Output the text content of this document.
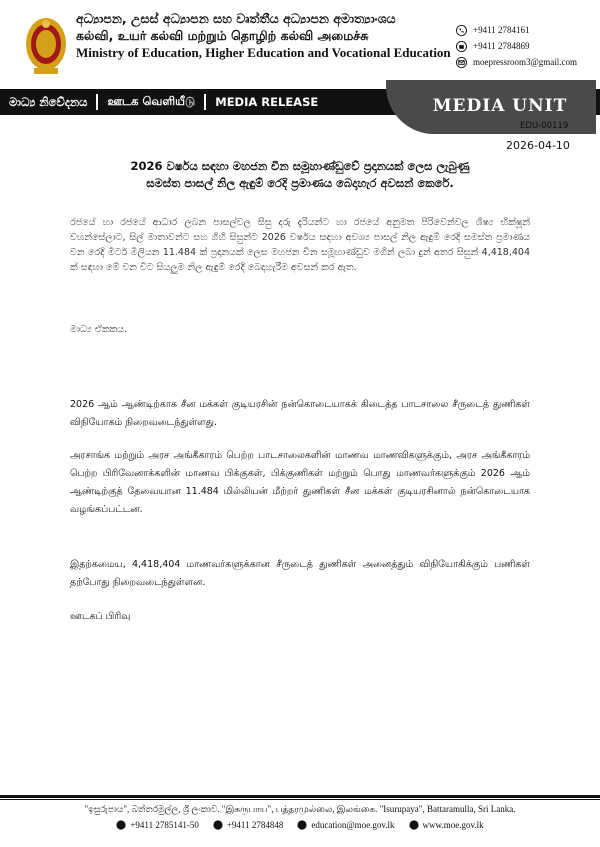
අධ්‍යාපන, උසස් අධ්‍යාපන සහ වෘත්තීය අධ්‍යාපන අමාත්‍යාංශය
கல்வி, உயர் கல்வி மற்றும் தொழிற் கல்வி அமைச்சு
Ministry of Education, Higher Education and Vocational Education
+9411 2784161
+9411 2784869
moepressroom3@gmail.com
මාධ්‍ය නිවේදනය	ஊடக வெளியீடு	MEDIA RELEASE	MEDIA UNIT
EDU-00119
2026-04-10
2026 වර්ෂය සඳහා මහජන චීන සමූහාණ්ඩුවේ ප්‍රදානයක් ලෙස ලැබුණු
සමස්ත පාසල් නිල ඇඳුම් රෙදි ප්‍රමාණය බෙදාහැර අවසන් කෙරේ.
රජයේ හා රජයේ ආධාර ලබන පාසල්වල සිසු දරු දැරියන්ට හා රජයේ අනුමත පිරිවෙන්වල ශිෂ්‍ය භික්ෂූන් වහන්සේලාට, සිල් මාතාවන්ට සහ ගිහි සිසුන්ට 2026 වර්ෂය සඳහා අවශ්‍ය පාසල් නිල ඇඳුම් රෙදි සමස්ත ප්‍රමාණය වන රෙදි මීටර් මිලියන 11.484 ක් ප්‍රදානයක් ලෙස මහජන චීන සමූහාණ්ඩුව මගින් ලබා දුන් අතර සිසුන් 4,418,404 ක් සඳහා මේ වන විට සියලුම නිල ඇඳුම් රෙදි බෙදාහැරීම අවසන් කර ඇත.
මාධ්‍ය ඒකකය.
2026 ஆம் ஆண்டிற்காக சீன மக்கள் குடியரசின் நன்கொடையாகக் கிடைத்த பாடசாலை சீருடைத் துணிகள் விநியோகம் நிறைவடைந்துள்ளது.
அரசாங்க மற்றும் அரச அங்கீகாரம் பெற்ற பாடசாலைகளின் மாணவ மாணவிகளுக்கும், அரச அங்கீகாரம் பெற்ற பிரிவேனாக்களின் மாணவ பிக்குகள், பிக்குணிகள் மற்றும் பொது மாணவர்களுக்கும் 2026 ஆம் ஆண்டிற்குத் தேவையான 11.484 மில்லியன் மீற்றர் துணிகள் சீன மக்கள் குடியரசினால் நன்கொடையாக வழங்கப்பட்டன.
இதற்கமைய, 4,418,404 மாணவர்களுக்கான சீருடைத் துணிகள் அனைத்தும் விநியோகிக்கும் பணிகள் தற்போது நிறைவடைந்துள்ளன.
ஊடகப் பிரிவு
"ඉසුරුපාය", බත්තරමුල්ල, ශ්‍රී ලංකාව. "இசுருபாய", பத்தரமுல்லை, இலங்கை. "Isurupaya", Battaramulla, Sri Lanka.
+9411 2785141-50	+9411 2784848	education@moe.gov.lk	www.moe.gov.lk
